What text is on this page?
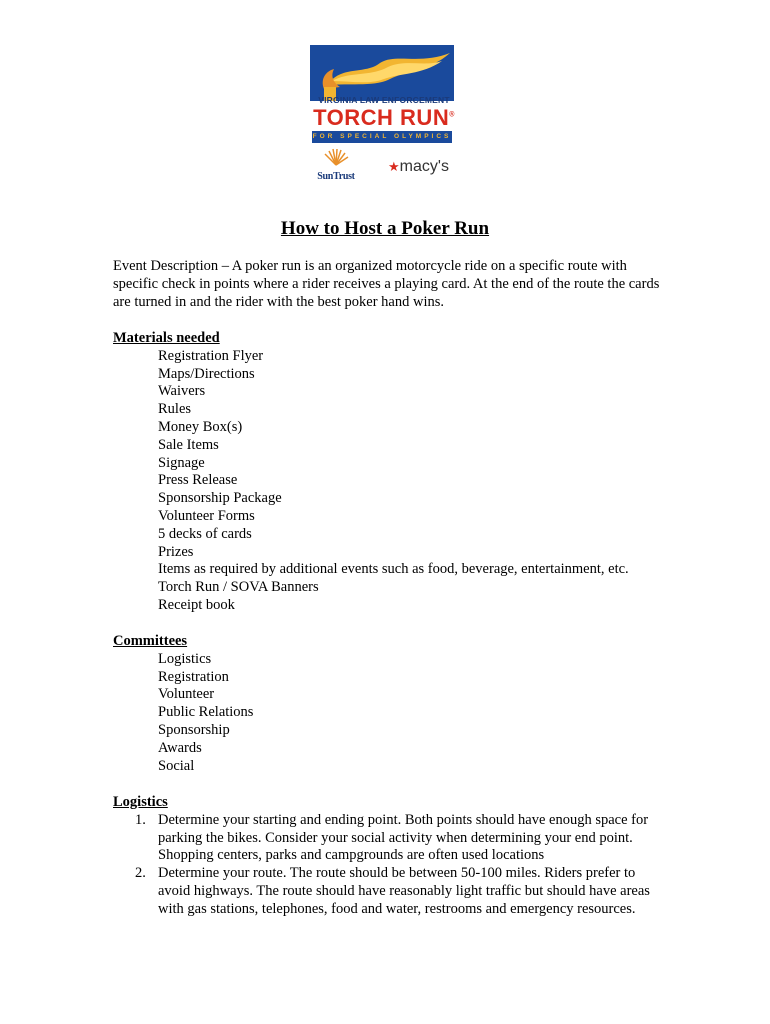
VIRGINIA LAW ENFORCEMENT
TORCH RUN®
FOR SPECIAL OLYMPICS
SunTrust
★macy's
How to Host a Poker Run
Event Description – A poker run is an organized motorcycle ride on a specific route with specific check in points where a rider receives a playing card. At the end of the route the cards are turned in and the rider with the best poker hand wins.
Materials needed
Registration Flyer
Maps/Directions
Waivers
Rules
Money Box(s)
Sale Items
Signage
Press Release
Sponsorship Package
Volunteer Forms
5 decks of cards
Prizes
Items as required by additional events such as food, beverage, entertainment, etc.
Torch Run / SOVA Banners
Receipt book
Committees
Logistics
Registration
Volunteer
Public Relations
Sponsorship
Awards
Social
Logistics
1. Determine your starting and ending point. Both points should have enough space for parking the bikes. Consider your social activity when determining your end point. Shopping centers, parks and campgrounds are often used locations
2. Determine your route. The route should be between 50-100 miles. Riders prefer to avoid highways. The route should have reasonably light traffic but should have areas with gas stations, telephones, food and water, restrooms and emergency resources.
